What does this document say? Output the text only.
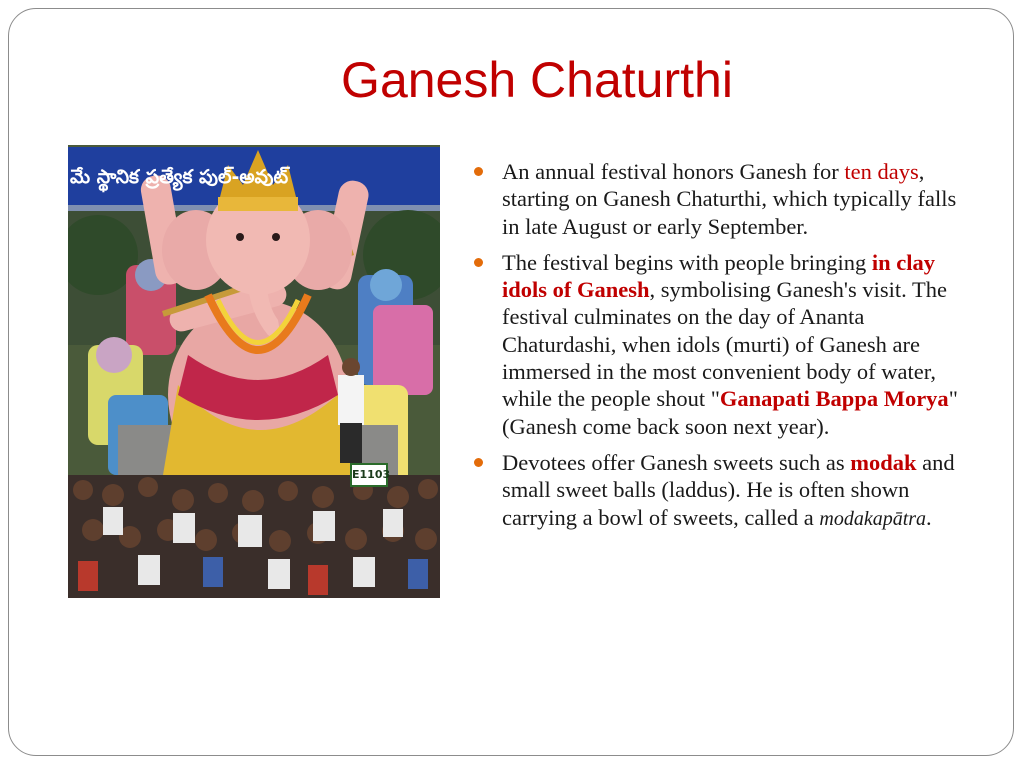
Ganesh Chaturthi
మే స్థానిక ప్రత్యేక పుల్-అవుట్
E1103
An annual festival honors Ganesh for ten days, starting on Ganesh Chaturthi, which typically falls in late August or early September.
The festival begins with people bringing in clay idols of Ganesh, symbolising Ganesh's visit. The festival culminates on the day of Ananta Chaturdashi, when idols (murti) of Ganesh are immersed in the most convenient body of water, while the people shout "Ganapati Bappa Morya" (Ganesh come back soon next year).
Devotees offer Ganesh sweets such as modak and small sweet balls (laddus). He is often shown carrying a bowl of sweets, called a modakapātra.
